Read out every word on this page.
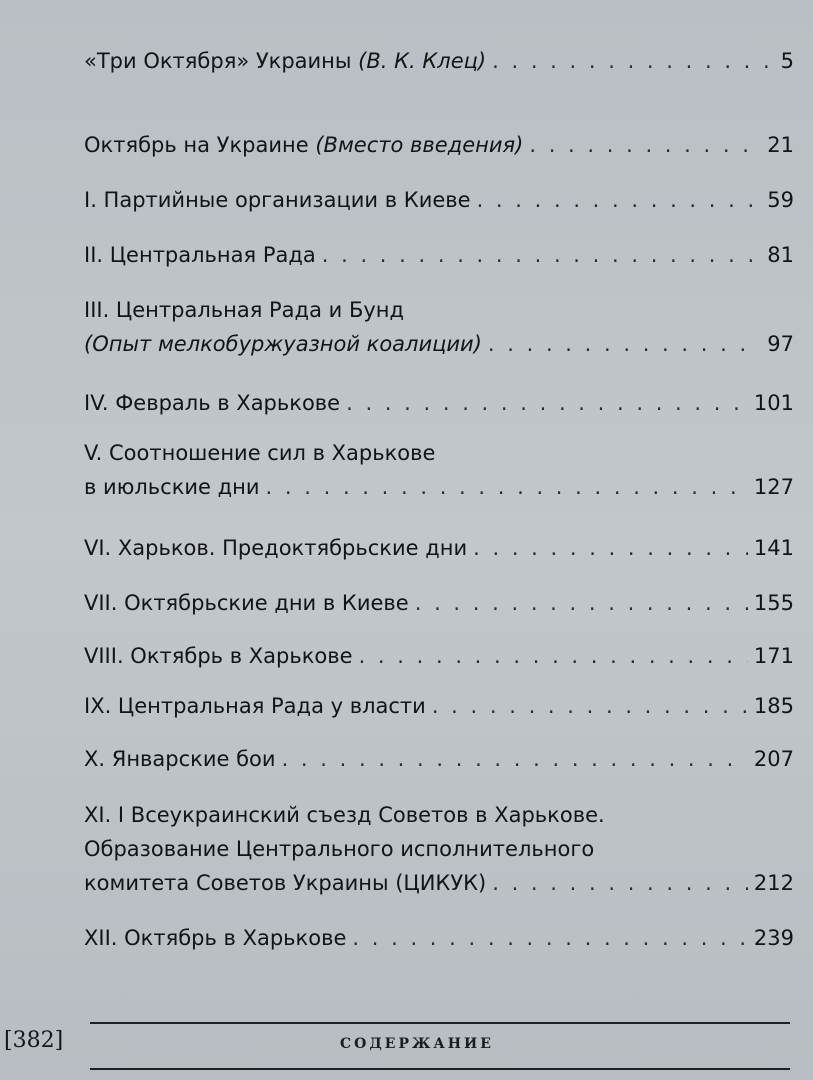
«Три Октября» Украины
(В. К. Клец) . . .	5
Октябрь на Украине
(Вместо введения) . . .	21
I. Партийные организации в Киеве . . .	59
II. Центральная Рада . . .	81
III. Центральная Рада и Бунд
(Опыт мелкобуржуазной коалиции) . . .	97
IV. Февраль в Харькове . . .	101
V. Соотношение сил в Харькове
в июльские дни . . .	127
VI. Харьков. Предоктябрьские дни . . .	141
VII. Октябрьские дни в Киеве . . .	155
VIII. Октябрь в Харькове . . .	171
IX. Центральная Рада у власти . . .	185
X. Январские бои . . .	207
XI. I Всеукраинский съезд Советов в Харькове.
Образование Центрального исполнительного
комитета Советов Украины (ЦИКУК) . . .	212
XII. Октябрь в Харькове . . .	239
[382]	СОДЕРЖАНИЕ
